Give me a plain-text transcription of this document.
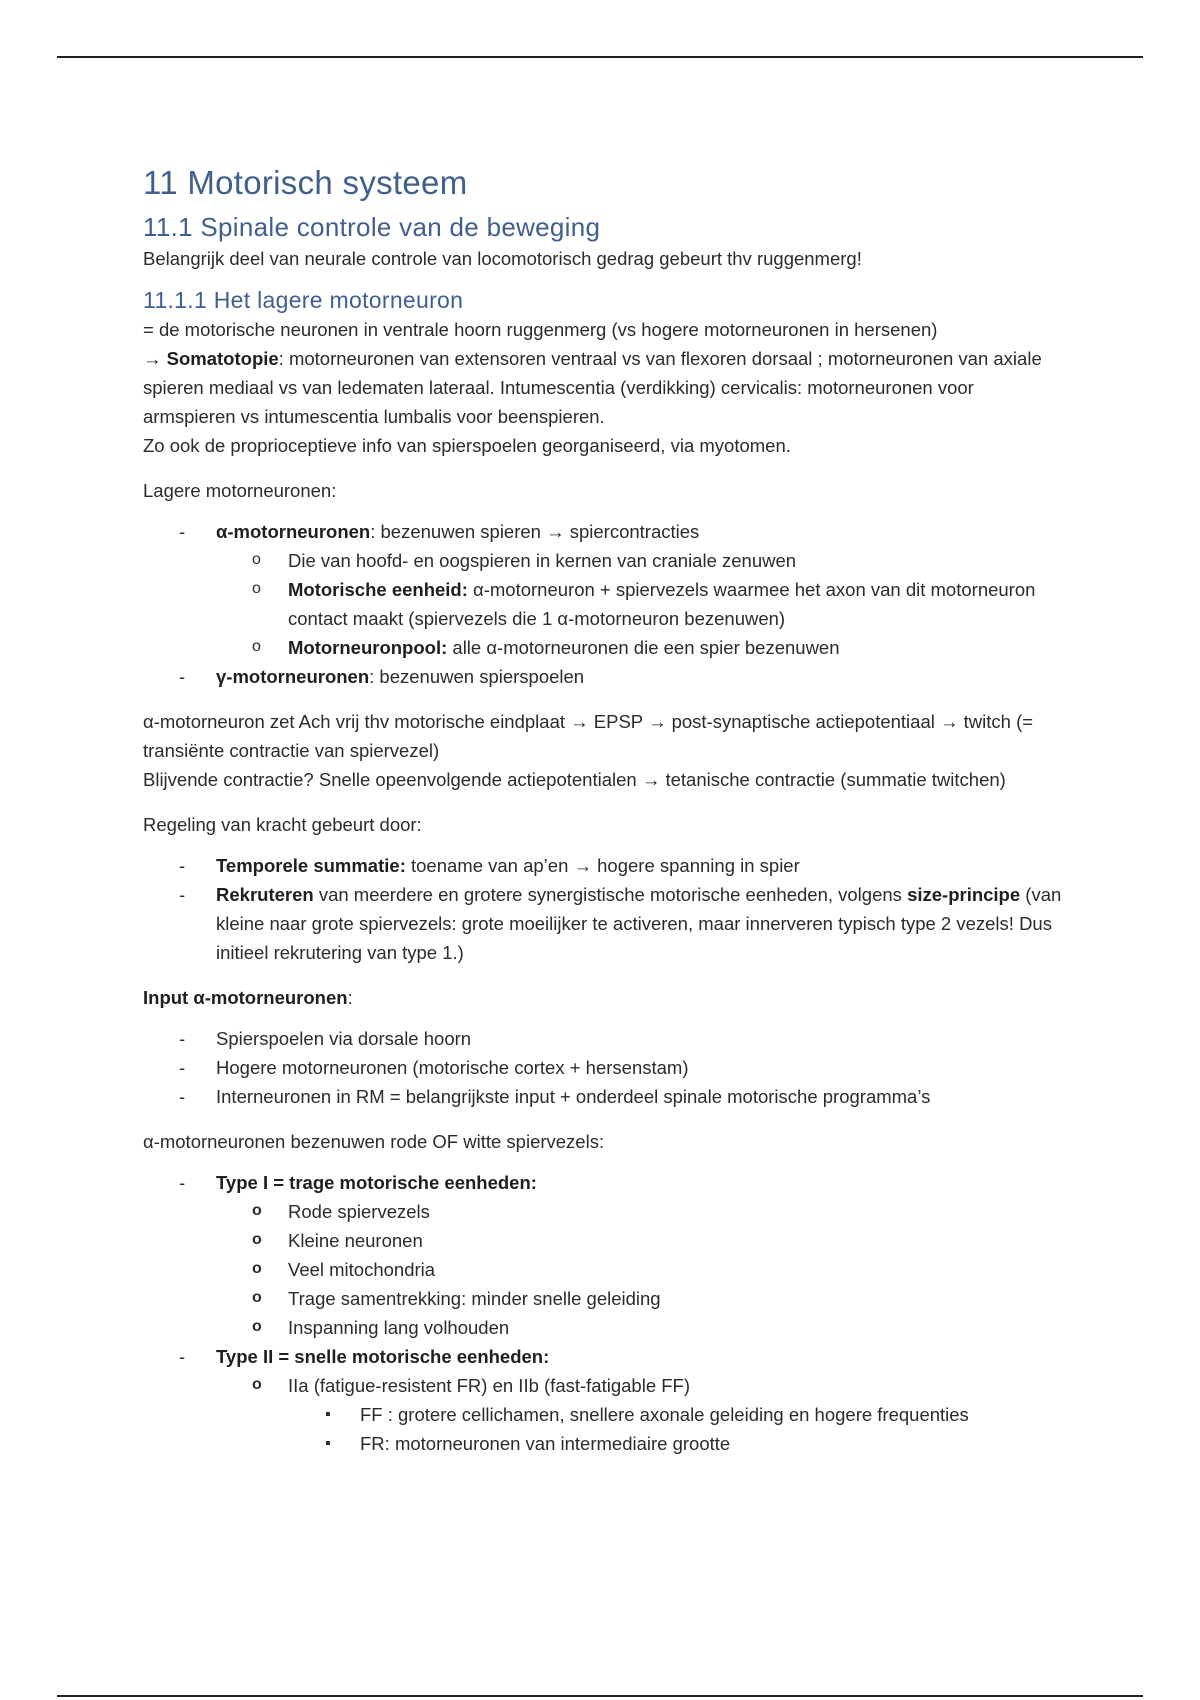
11 Motorisch systeem
11.1 Spinale controle van de beweging

Belangrijk deel van neurale controle van locomotorisch gedrag gebeurt thv ruggenmerg!

11.1.1 Het lagere motorneuron

= de motorische neuronen in ventrale hoorn ruggenmerg (vs hogere motorneuronen in hersenen)

→ Somatotopie: motorneuronen van extensoren ventraal vs van flexoren dorsaal ; motorneuronen van axiale spieren mediaal vs van ledematen lateraal. Intumescentia (verdikking) cervicalis: motorneuronen voor armspieren vs intumescentia lumbalis voor beenspieren.

Zo ook de proprioceptieve info van spierspoelen georganiseerd, via myotomen.

Lagere motorneuronen:

- α-motorneuronen: bezenuwen spieren → spiercontracties
o Die van hoofd- en oogspieren in kernen van craniale zenuwen
o Motorische eenheid: α-motorneuron + spiervezels waarmee het axon van dit motorneuron contact maakt (spiervezels die 1 α-motorneuron bezenuwen)
o Motorneuronpool: alle α-motorneuronen die een spier bezenuwen
- γ-motorneuronen: bezenuwen spierspoelen

α-motorneuron zet Ach vrij thv motorische eindplaat → EPSP → post-synaptische actiepotentiaal → twitch (= transiënte contractie van spiervezel)

Blijvende contractie? Snelle opeenvolgende actiepotentialen → tetanische contractie (summatie twitchen)

Regeling van kracht gebeurt door:

- Temporele summatie: toename van ap’en → hogere spanning in spier
- Rekruteren van meerdere en grotere synergistische motorische eenheden, volgens size-principe (van kleine naar grote spiervezels: grote moeilijker te activeren, maar innerveren typisch type 2 vezels! Dus initieel rekrutering van type 1.)

Input α-motorneuronen:

- Spierspoelen via dorsale hoorn
- Hogere motorneuronen (motorische cortex + hersenstam)
- Interneuronen in RM = belangrijkste input + onderdeel spinale motorische programma’s

α-motorneuronen bezenuwen rode OF witte spiervezels:

- Type I = trage motorische eenheden:
o Rode spiervezels
o Kleine neuronen
o Veel mitochondria
o Trage samentrekking: minder snelle geleiding
o Inspanning lang volhouden
- Type II = snelle motorische eenheden:
o IIa (fatigue-resistent FR) en IIb (fast-fatigable FF)
▪ FF : grotere cellichamen, snellere axonale geleiding en hogere frequenties
▪ FR: motorneuronen van intermediaire grootte
